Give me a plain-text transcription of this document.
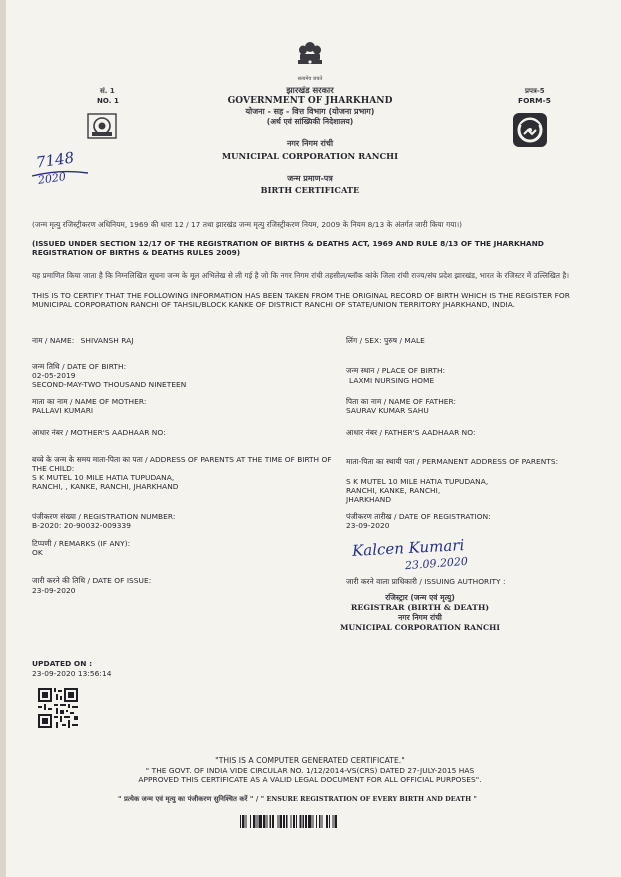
सत्यमेव जयते
सं. 1
NO. 1
प्रपत्र-5
FORM-5
झारखंड सरकार
GOVERNMENT OF JHARKHAND
योजना - सह - वित्त विभाग (योजना प्रभाग)
(अर्थ एवं सांख्यिकी निदेशालय)
नगर निगम रांची
MUNICIPAL CORPORATION RANCHI
जन्म प्रमाण-पत्र
BIRTH CERTIFICATE
7148
2020
(जन्म मृत्यु रजिस्ट्रीकरण अधिनियम, 1969 की धारा 12 / 17 तथा झारखंड जन्म मृत्यु रजिस्ट्रीकरण नियम, 2009 के नियम 8/13 के अंतर्गत जारी किया गया।)
(ISSUED UNDER SECTION 12/17 OF THE REGISTRATION OF BIRTHS & DEATHS ACT, 1969 AND RULE 8/13 OF THE JHARKHAND REGISTRATION OF BIRTHS & DEATHS RULES 2009)
यह प्रमाणित किया जाता है कि निम्नलिखित सूचना जन्म के मूल अभिलेख से ली गई है जो कि नगर निगम रांची तहसील/ब्लॉक कांके जिला रांची राज्य/संघ प्रदेश झारखंड, भारत के रजिस्टर में उल्लिखित है।
THIS IS TO CERTIFY THAT THE FOLLOWING INFORMATION HAS BEEN TAKEN FROM THE ORIGINAL RECORD OF BIRTH WHICH IS THE REGISTER FOR MUNICIPAL CORPORATION RANCHI OF TAHSIL/BLOCK KANKE OF DISTRICT RANCHI OF STATE/UNION TERRITORY JHARKHAND, INDIA.
नाम / NAME: SHIVANSH RAJ	लिंग / SEX: पुरुष / MALE
जन्म तिथि / DATE OF BIRTH:
02-05-2019
SECOND-MAY-TWO THOUSAND NINETEEN
जन्म स्थान / PLACE OF BIRTH:
LAXMI NURSING HOME
माता का नाम / NAME OF MOTHER:
PALLAVI KUMARI
पिता का नाम / NAME OF FATHER:
SAURAV KUMAR SAHU
आधार नंबर / MOTHER'S AADHAAR NO:	आधार नंबर / FATHER'S AADHAAR NO:
बच्चे के जन्म के समय माता-पिता का पता / ADDRESS OF PARENTS AT THE TIME OF BIRTH OF THE CHILD:
S K MUTEL 10 MILE HATIA TUPUDANA,
RANCHI, , KANKE, RANCHI, JHARKHAND
माता-पिता का स्थायी पता / PERMANENT ADDRESS OF PARENTS:
S K MUTEL 10 MILE HATIA TUPUDANA,
RANCHI, KANKE, RANCHI,
JHARKHAND
पंजीकरण संख्या / REGISTRATION NUMBER:
B-2020: 20-90032-009339
पंजीकरण तारीख / DATE OF REGISTRATION:
23-09-2020
टिप्पणी / REMARKS (IF ANY):
OK	Kalcen Kumari
23.09.2020
जारी करने की तिथि / DATE OF ISSUE:
23-09-2020
जारी करने वाला प्राधिकारी / ISSUING AUTHORITY :
रजिस्ट्रार (जन्म एवं मृत्यु)
REGISTRAR (BIRTH & DEATH)
नगर निगम रांची
MUNICIPAL CORPORATION RANCHI
UPDATED ON :
23-09-2020 13:56:14
"THIS IS A COMPUTER GENERATED CERTIFICATE."
" THE GOVT. OF INDIA VIDE CIRCULAR NO. 1/12/2014-VS(CRS) DATED 27-JULY-2015 HAS
APPROVED THIS CERTIFICATE AS A VALID LEGAL DOCUMENT FOR ALL OFFICIAL PURPOSES".
" प्रत्येक जन्म एवं मृत्यु का पंजीकरण सुनिश्चित करें " / " ENSURE REGISTRATION OF EVERY BIRTH AND DEATH "
